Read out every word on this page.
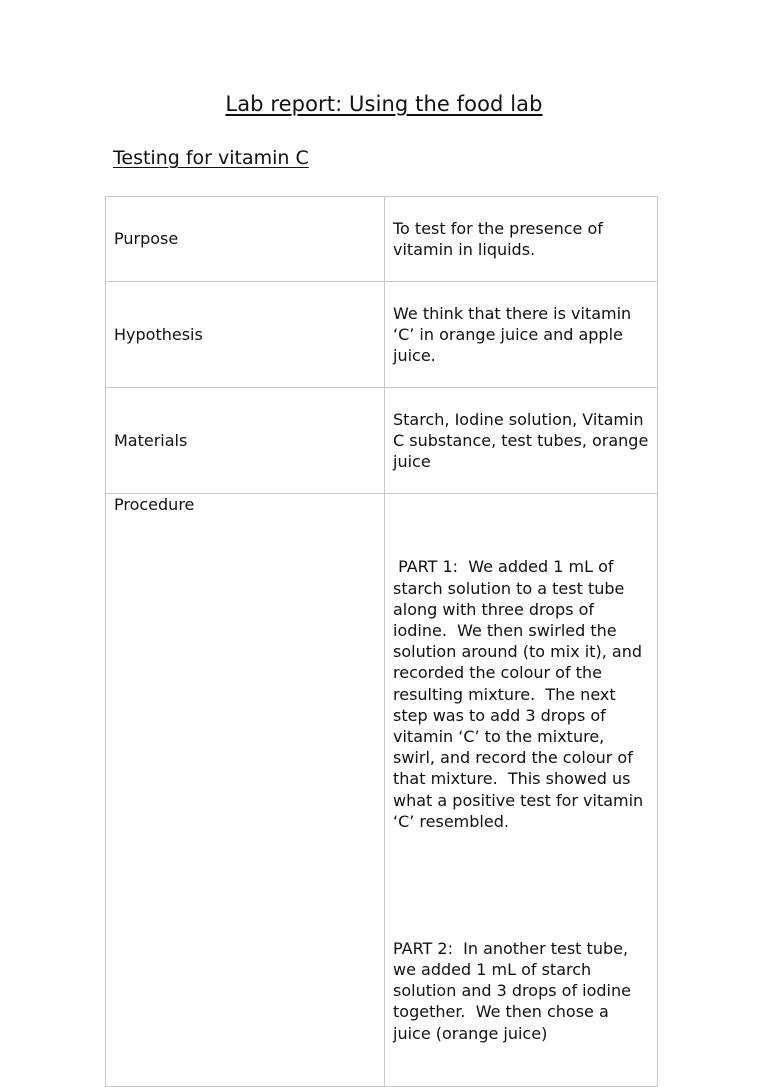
Lab report: Using the food lab
Testing for vitamin C
Purpose	To test for the presence of vitamin in liquids.
Hypothesis	We think that there is vitamin ‘C’ in orange juice and apple juice.
Materials	Starch, Iodine solution, Vitamin C substance, test tubes, orange juice

Procedure	PART 1:  We added 1 mL of starch solution to a test tube along with three drops of iodine.  We then swirled the solution around (to mix it), and recorded the colour of the resulting mixture.  The next step was to add 3 drops of vitamin ‘C’ to the mixture, swirl, and record the colour of that mixture.  This showed us what a positive test for vitamin ‘C’ resembled.

PART 2:  In another test tube, we added 1 mL of starch solution and 3 drops of iodine together.  We then chose a juice (orange juice)
